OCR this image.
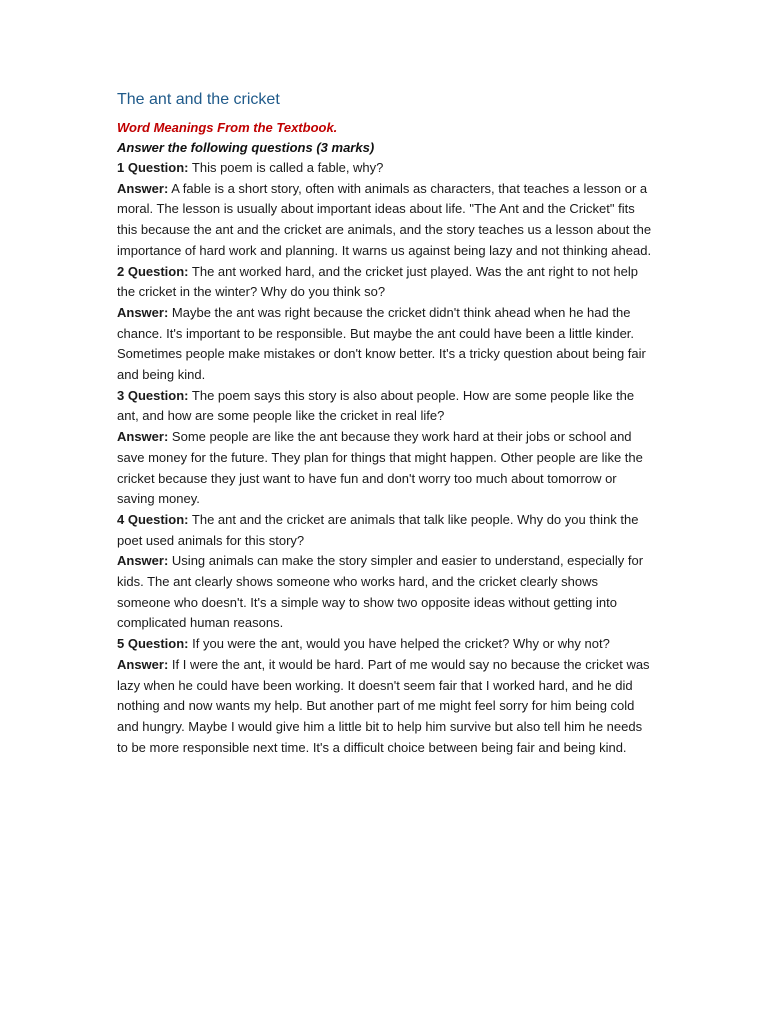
The ant and the cricket

Word Meanings From the Textbook.

Answer the following questions (3 marks)

1 Question: This poem is called a fable, why?

Answer: A fable is a short story, often with animals as characters, that teaches a lesson or a moral. The lesson is usually about important ideas about life. "The Ant and the Cricket" fits this because the ant and the cricket are animals, and the story teaches us a lesson about the importance of hard work and planning. It warns us against being lazy and not thinking ahead.

2 Question: The ant worked hard, and the cricket just played. Was the ant right to not help the cricket in the winter? Why do you think so?

Answer: Maybe the ant was right because the cricket didn't think ahead when he had the chance. It's important to be responsible. But maybe the ant could have been a little kinder. Sometimes people make mistakes or don't know better. It's a tricky question about being fair and being kind.

3 Question: The poem says this story is also about people. How are some people like the ant, and how are some people like the cricket in real life?

Answer: Some people are like the ant because they work hard at their jobs or school and save money for the future. They plan for things that might happen. Other people are like the cricket because they just want to have fun and don't worry too much about tomorrow or saving money.

4 Question: The ant and the cricket are animals that talk like people. Why do you think the poet used animals for this story?

Answer: Using animals can make the story simpler and easier to understand, especially for kids. The ant clearly shows someone who works hard, and the cricket clearly shows someone who doesn't. It's a simple way to show two opposite ideas without getting into complicated human reasons.

5 Question: If you were the ant, would you have helped the cricket? Why or why not?

Answer: If I were the ant, it would be hard. Part of me would say no because the cricket was lazy when he could have been working. It doesn't seem fair that I worked hard, and he did nothing and now wants my help. But another part of me might feel sorry for him being cold and hungry. Maybe I would give him a little bit to help him survive but also tell him he needs to be more responsible next time. It's a difficult choice between being fair and being kind.
